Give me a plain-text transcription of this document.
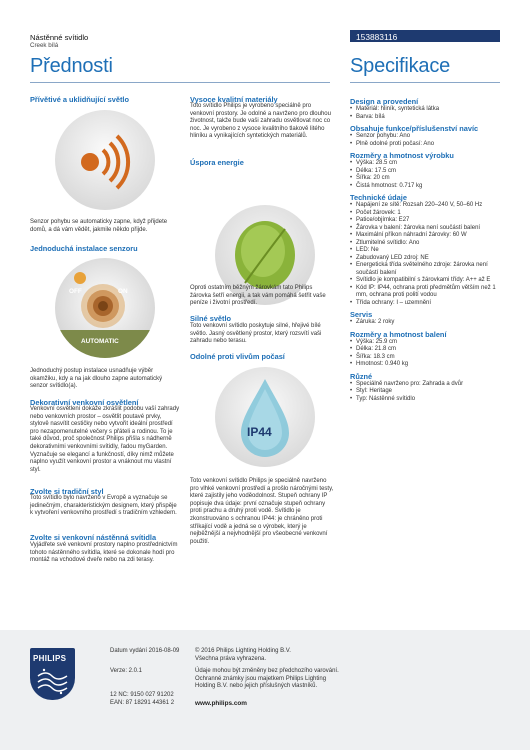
Nástěnné svítidlo
Creek bílá
153883116
Přednosti	Specifikace
Přívětivé a uklidňující světlo
Senzor pohybu se automaticky zapne, když přijdete domů, a dá vám vědět, jakmile někdo přijde.
Jednoduchá instalace senzoru
OFF	ON
AUTOMATIC
Jednoduchý postup instalace usnadňuje výběr okamžiku, kdy a na jak dlouho zapne automatický senzor svítidlo(a).
Dekorativní venkovní osvětlení
Venkovní osvětlení dokáže zkrášlit podobu vaší zahrady nebo venkovních prostor – osvětlit poutavé prvky, stylově nasvítit cestičky nebo vytvořit ideální prostředí pro nezapomenutelné večery s přáteli a rodinou. To je také důvod, proč společnost Philips přišla s nádherně dekorativními venkovními svítidly, řadou myGarden. Vyznačuje se elegancí a funkčností, díky nimž můžete naplno využít venkovní prostor a vnáknout mu vlastní styl.
Zvolte si tradiční styl
Toto svítidlo bylo navrženo v Evropě a vyznačuje se jedinečným, charakteristickým designem, který přispěje k vytvoření venkovního prostředí s tradičním vzhledem.
Zvolte si venkovní nástěnná svítidla
Vyjádřete své venkovní prostory naplno prostřednictvím tohoto nástěnného svítidla, které se dokonale hodí pro montáž na vchodové dveře nebo na zdi terasy.
Vysoce kvalitní materiály
Toto svítidlo Philips je vyrobeno speciálně pro venkovní prostory. Je odolné a navrženo pro dlouhou životnost, takže bude vaši zahradu osvětlovat noc co noc. Je vyrobeno z vysoce kvalitního tlakově litého hliníku a vynikajících syntetických materiálů.
Úspora energie
Oproti ostatním běžným žárovkám tato Philips žárovka šetří energii, a tak vám pomáhá šetřit vaše peníze i životní prostředí.
Silné světlo
Toto venkovní svítidlo poskytuje silné, hřejivé bílé světlo. Jasný osvětlený prostor, který rozsvítí vaši zahradu nebo terasu.
Odolné proti vlivům počasí
IP44
Toto venkovní svítidlo Philips je speciálně navrženo pro vlhké venkovní prostředí a prošlo náročnými testy, které zajistily jeho voděodolnost. Stupeň ochrany IP popisuje dva údaje: první označuje stupeň ochrany proti prachu a druhý proti vodě. Svítidlo je zkonstruováno s ochranou IP44: je chráněno proti stříkající vodě a jedná se o výrobek, který je nejběžnější a nejvhodnější pro všeobecné venkovní použití.
Design a provedení
• Materiál: hliník, syntetická látka
• Barva: bílá
Obsahuje funkce/příslušenství navíc
• Senzor pohybu: Ano
• Plně odolné proti počasí: Ano
Rozměry a hmotnost výrobku
• Výška: 28.5 cm
• Délka: 17.5 cm
• Šířka: 20 cm
• Čistá hmotnost: 0.717 kg
Technické údaje
• Napájení ze sítě: Rozsah 220–240 V, 50–60 Hz
• Počet žárovek: 1
• Patice/objímka: E27
• Žárovka v balení: žárovka není součástí balení
• Maximální příkon náhradní žárovky: 60 W
• Ztlumitelné svítidlo: Ano
• LED: Ne
• Zabudovaný LED zdroj: NE
• Energetická třída světelného zdroje: žárovka není součástí balení
• Svítidlo je kompatibilní s žárovkami třídy: A++ až E
• Kód IP: IP44, ochrana proti předmětům větším než 1 mm, ochrana proti polití vodou
• Třída ochrany: I – uzemnění
Servis
• Záruka: 2 roky
Rozměry a hmotnost balení
• Výška: 25.9 cm
• Délka: 21.8 cm
• Šířka: 18.3 cm
• Hmotnost: 0.940 kg
Různé
• Speciálně navrženo pro: Zahrada a dvůr
• Styl: Heritage
• Typ: Nástěnné svítidlo
PHILIPS
Datum vydání 2016-08-09
Verze: 2.0.1
12 NC: 9150 027 91202
EAN: 87 18291 44361 2
© 2016 Philips Lighting Holding B.V.
Všechna práva vyhrazena.
Údaje mohou být změněny bez předchozího varování. Ochranné známky jsou majetkem Philips Lighting Holding B.V. nebo jejich příslušných vlastníků.
www.philips.com
